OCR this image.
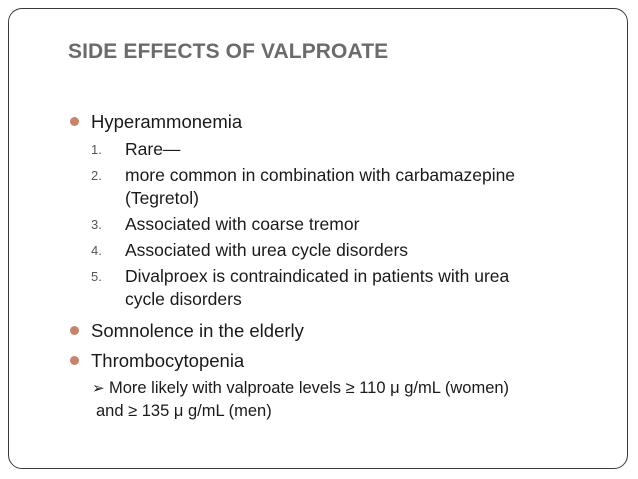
SIDE EFFECTS OF VALPROATE
Hyperammonemia
1. Rare—
2. more common in combination with carbamazepine
(Tegretol)
3. Associated with coarse tremor
4. Associated with urea cycle disorders
5. Divalproex is contraindicated in patients with urea
cycle disorders
Somnolence in the elderly
Thrombocytopenia
➢ More likely with valproate levels ≥ 110 μ g/mL (women)
and ≥ 135 μ g/mL (men)
